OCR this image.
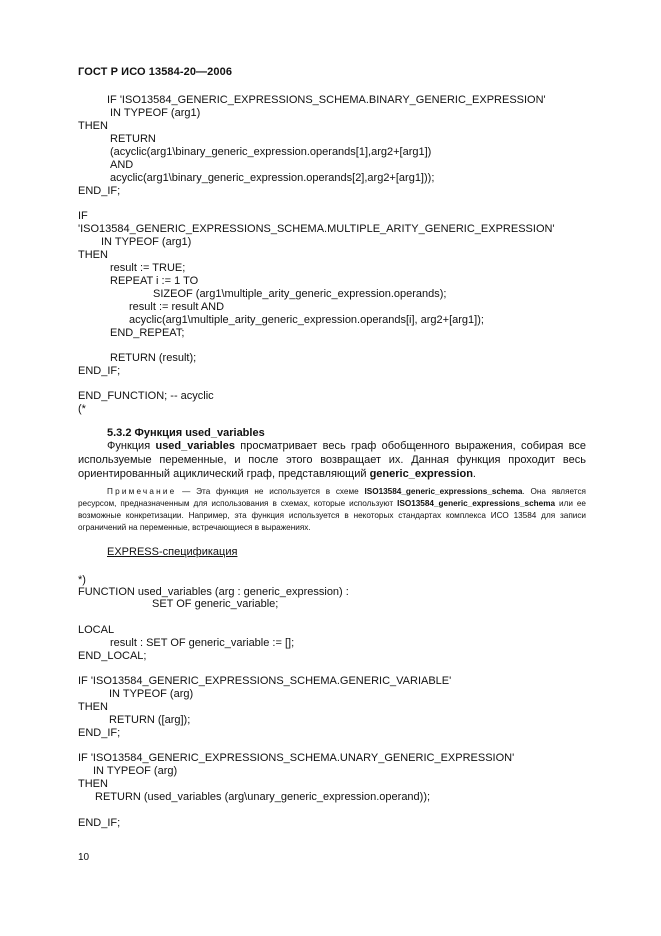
ГОСТ Р ИСО 13584-20—2006
IF 'ISO13584_GENERIC_EXPRESSIONS_SCHEMA.BINARY_GENERIC_EXPRESSION'
IN TYPEOF (arg1)
THEN
RETURN
(acyclic(arg1\binary_generic_expression.operands[1],arg2+[arg1])
AND
acyclic(arg1\binary_generic_expression.operands[2],arg2+[arg1]));
END_IF;
IF
'ISO13584_GENERIC_EXPRESSIONS_SCHEMA.MULTIPLE_ARITY_GENERIC_EXPRESSION'
IN TYPEOF (arg1)
THEN
result := TRUE;
REPEAT i := 1 TO
SIZEOF (arg1\multiple_arity_generic_expression.operands);
result := result AND
acyclic(arg1\multiple_arity_generic_expression.operands[i], arg2+[arg1]);
END_REPEAT;
RETURN (result);
END_IF;
END_FUNCTION; -- acyclic
(*
5.3.2 Функция used_variables
Функция used_variables просматривает весь граф обобщенного выражения, собирая все используемые переменные, и после этого возвращает их. Данная функция проходит весь ориентированный ациклический граф, представляющий generic_expression.
Примечание — Эта функция не используется в схеме ISO13584_generic_expressions_schema. Она является ресурсом, предназначенным для использования в схемах, которые используют ISO13584_generic_expressions_schema или ее возможные конкретизации. Например, эта функция используется в некоторых стандартах комплекса ИСО 13584 для записи ограничений на переменные, встречающиеся в выражениях.
EXPRESS-спецификация
*)
FUNCTION used_variables (arg : generic_expression) :
SET OF generic_variable;
LOCAL
result : SET OF generic_variable := [];
END_LOCAL;
IF 'ISO13584_GENERIC_EXPRESSIONS_SCHEMA.GENERIC_VARIABLE'
IN TYPEOF (arg)
THEN
RETURN ([arg]);
END_IF;
IF 'ISO13584_GENERIC_EXPRESSIONS_SCHEMA.UNARY_GENERIC_EXPRESSION'
IN TYPEOF (arg)
THEN
RETURN (used_variables (arg\unary_generic_expression.operand));
END_IF;
10
